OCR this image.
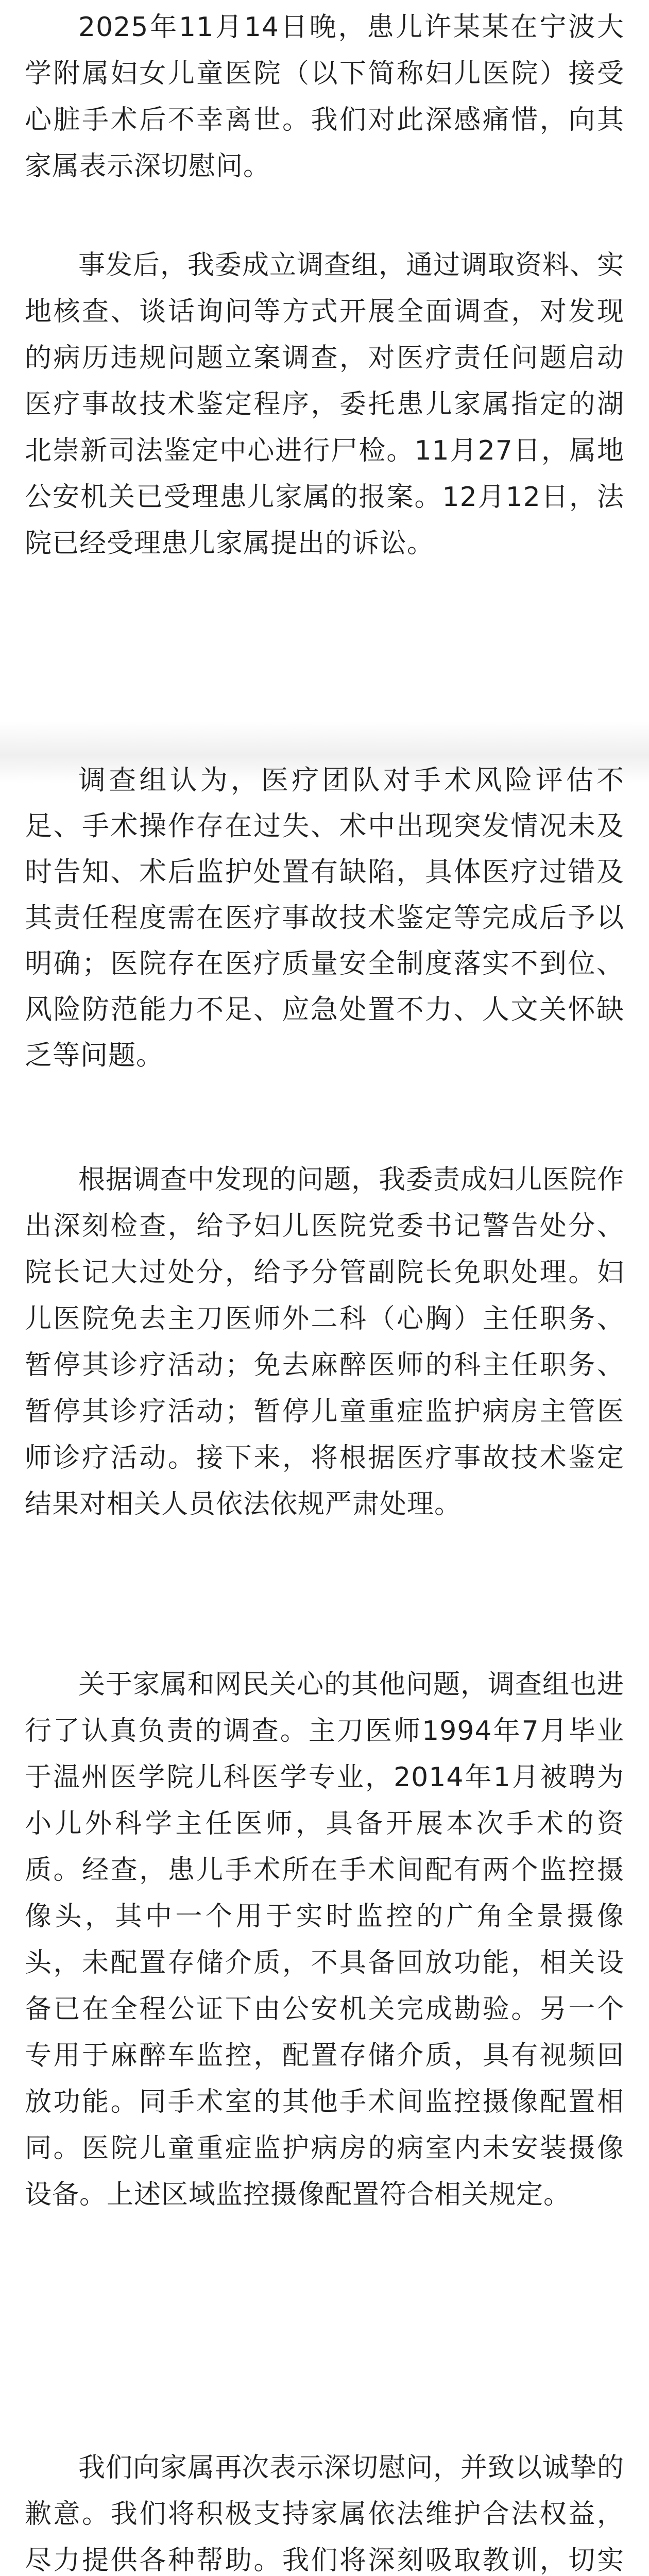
2025年11月14日晚，患儿许某某在宁波大学附属妇女儿童医院（以下简称妇儿医院）接受心脏手术后不幸离世。我们对此深感痛惜，向其家属表示深切慰问。

事发后，我委成立调查组，通过调取资料、实地核查、谈话询问等方式开展全面调查，对发现的病历违规问题立案调查，对医疗责任问题启动医疗事故技术鉴定程序，委托患儿家属指定的湖北崇新司法鉴定中心进行尸检。11月27日，属地公安机关已受理患儿家属的报案。12月12日，法院已经受理患儿家属提出的诉讼。

调查组认为，医疗团队对手术风险评估不足、手术操作存在过失、术中出现突发情况未及时告知、术后监护处置有缺陷，具体医疗过错及其责任程度需在医疗事故技术鉴定等完成后予以明确；医院存在医疗质量安全制度落实不到位、风险防范能力不足、应急处置不力、人文关怀缺乏等问题。

根据调查中发现的问题，我委责成妇儿医院作出深刻检查，给予妇儿医院党委书记警告处分、院长记大过处分，给予分管副院长免职处理。妇儿医院免去主刀医师外二科（心胸）主任职务、暂停其诊疗活动；免去麻醉医师的科主任职务、暂停其诊疗活动；暂停儿童重症监护病房主管医师诊疗活动。接下来，将根据医疗事故技术鉴定结果对相关人员依法依规严肃处理。

关于家属和网民关心的其他问题，调查组也进行了认真负责的调查。主刀医师1994年7月毕业于温州医学院儿科医学专业，2014年1月被聘为小儿外科学主任医师，具备开展本次手术的资质。经查，患儿手术所在手术间配有两个监控摄像头，其中一个用于实时监控的广角全景摄像头，未配置存储介质，不具备回放功能，相关设备已在全程公证下由公安机关完成勘验。另一个专用于麻醉车监控，配置存储介质，具有视频回放功能。同手术室的其他手术间监控摄像配置相同。医院儿童重症监护病房的病室内未安装摄像设备。上述区域监控摄像配置符合相关规定。

我们向家属再次表示深切慰问，并致以诚挚的歉意。我们将积极支持家属依法维护合法权益，尽力提供各种帮助。我们将深刻吸取教训，切实
